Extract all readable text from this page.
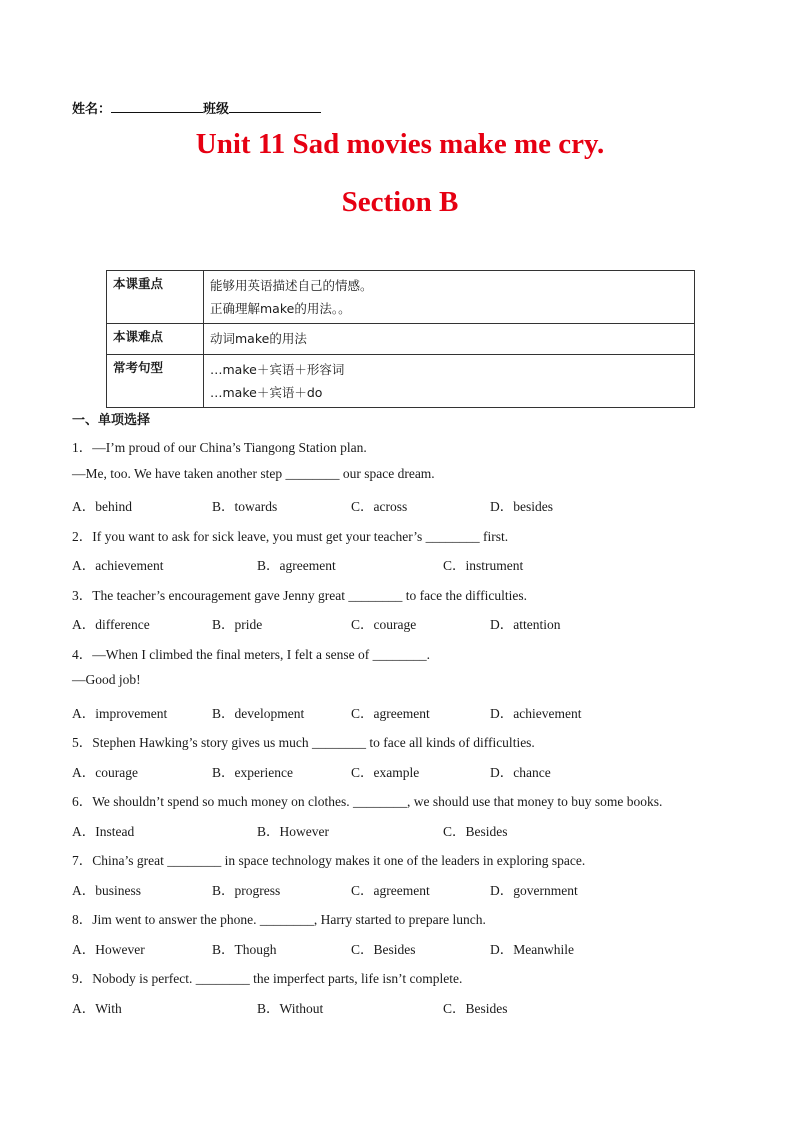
姓名：	班级
Unit 11 Sad movies make me cry.
Section B
本课重点	能够用英语描述自己的情感。
正确理解make的用法。。

本课难点	动词make的用法

常考句型	…make＋宾语＋形容词
…make＋宾语＋do
一、单项选择
1．—I’m proud of our China’s Tiangong Station plan.
—Me, too. We have taken another step ________ our space dream.
A．behind	B．towards	C．across	D．besides
2．If you want to ask for sick leave, you must get your teacher’s ________ first.
A．achievement	B．agreement	C．instrument
3．The teacher’s encouragement gave Jenny great ________ to face the difficulties.
A．difference	B．pride	C．courage	D．attention
4．—When I climbed the final meters, I felt a sense of ________.
—Good job!
A．improvement	B．development	C．agreement	D．achievement
5．Stephen Hawking’s story gives us much ________ to face all kinds of difficulties.
A．courage	B．experience	C．example	D．chance
6．We shouldn’t spend so much money on clothes. ________, we should use that money to buy some books.
A．Instead	B．However	C．Besides
7．China’s great ________ in space technology makes it one of the leaders in exploring space.
A．business	B．progress	C．agreement	D．government
8．Jim went to answer the phone. ________, Harry started to prepare lunch.
A．However	B．Though	C．Besides	D．Meanwhile
9．Nobody is perfect. ________ the imperfect parts, life isn’t complete.
A．With	B．Without	C．Besides
